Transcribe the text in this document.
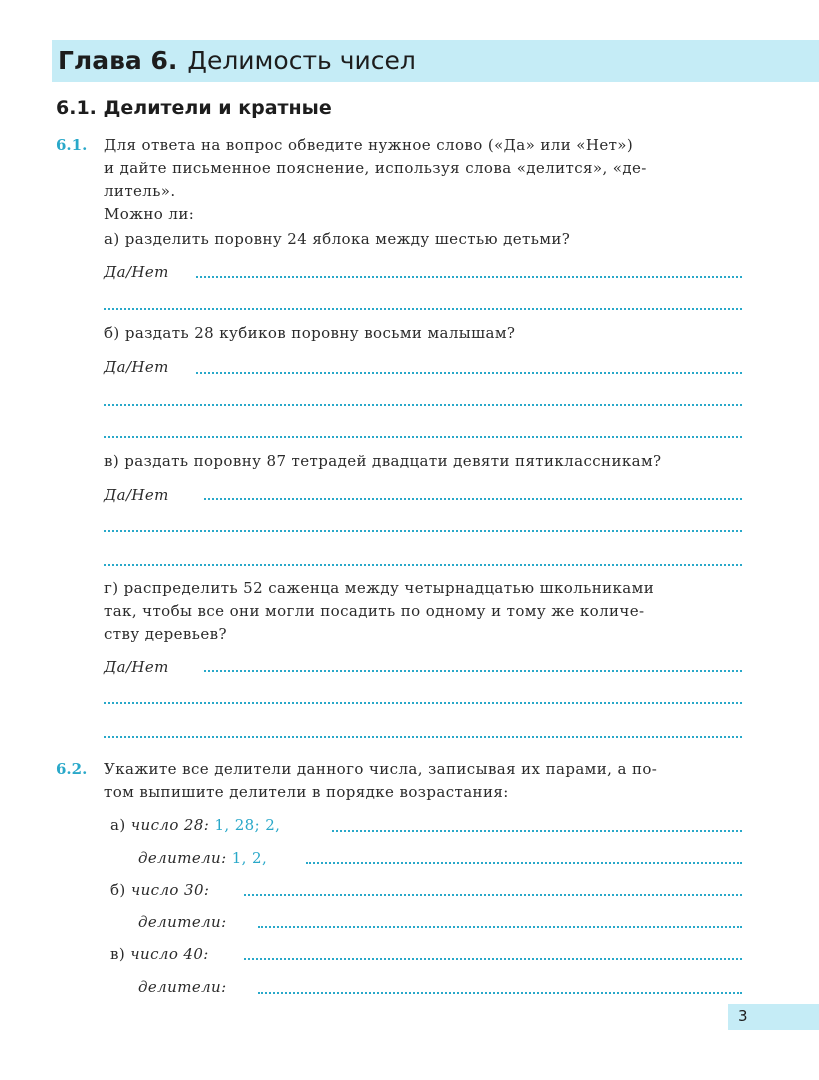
Глава 6. Делимость чисел
6.1. Делители и кратные
6.1. Для ответа на вопрос обведите нужное слово («Да» или «Нет»)
и дайте письменное пояснение, используя слова «делится», «де-
литель».
Можно ли:
а) разделить поровну 24 яблока между шестью детьми?
Да/Нет
б) раздать 28 кубиков поровну восьми малышам?
Да/Нет
в) раздать поровну 87 тетрадей двадцати девяти пятиклассникам?
Да/Нет
г) распределить 52 саженца между четырнадцатью школьниками
так, чтобы все они могли посадить по одному и тому же количе-
ству деревьев?
Да/Нет
6.2. Укажите все делители данного числа, записывая их парами, а по-
том выпишите делители в порядке возрастания:
а) число 28: 1, 28; 2,
делители: 1, 2,
б) число 30:
делители:
в) число 40:
делители:
3
